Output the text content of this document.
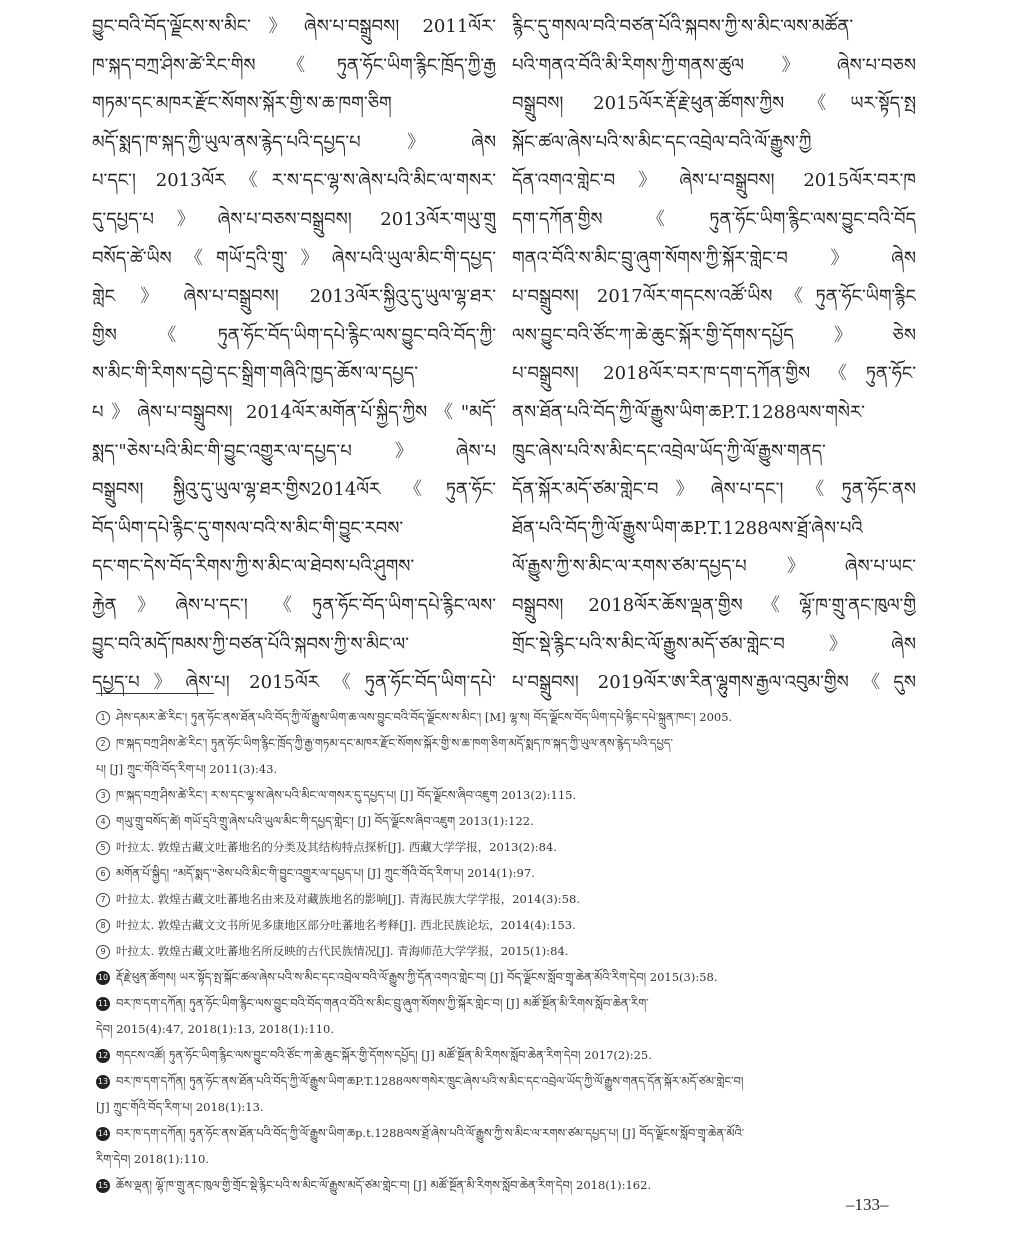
བྱུང་བའི་བོད་ལྗོངས་ས་མིང་》ཞེས་པ་བསྒྲུབས། 2011ལོར་
ཁ་སྐད་བཀྲ་ཤིས་ཚེ་རིང་གིས《ཏུན་ཧོང་ཡིག་རྙིང་ཁྲོད་ཀྱི་རྒྱ
གཏམ་དང་མཁར་རྫོང་སོགས་སྐོར་གྱི་ས་ཆ་ཁག་ཅིག
མདོ་སྨད་ཁ་སྐད་ཀྱི་ཡུལ་ནས་རྙེད་པའི་དཔྱད་པ》ཞེས
པ་དང་། 2013ལོར《ར་ས་དང་ལྷ་ས་ཞེས་པའི་མིང་ལ་གསར་
དུ་དཔྱད་པ》ཞེས་པ་བཅས་བསྒྲུབས། 2013ལོར་གཡུ་གྲུ
བསོད་ཚེ་ཡིས《གཡོ་དྲའི་གྲུ་》ཞེས་པའི་ཡུལ་མིང་གི་དཔྱད་
གླེང》ཞེས་པ་བསྒྲུབས། 2013ལོར་སྐྱིའུ་དུ་ཡུལ་ལྷ་ཐར་
གྱིས《ཏུན་ཧོང་བོད་ཡིག་དཔེ་རྙིང་ལས་བྱུང་བའི་བོད་ཀྱི་
ས་མིང་གི་རིགས་དབྱེ་དང་སྒྲིག་གཞིའི་ཁྱད་ཆོས་ལ་དཔྱད་
པ》ཞེས་པ་བསྒྲུབས། 2014ལོར་མགོན་པོ་སྐྱིད་ཀྱིས《"མདོ་
སྨད་"ཅེས་པའི་མིང་གི་བྱུང་འགྱུར་ལ་དཔྱད་པ》ཞེས་པ
བསྒྲུབས། སྐྱིའུ་དུ་ཡུལ་ལྷ་ཐར་གྱིས2014ལོར《ཏུན་ཧོང་
བོད་ཡིག་དཔེ་རྙིང་དུ་གསལ་བའི་ས་མིང་གི་བྱུང་རབས་
དང་གང་དེས་བོད་རིགས་ཀྱི་ས་མིང་ལ་ཐེབས་པའི་ཤུགས་
རྐྱེན》ཞེས་པ་དང་། 《ཏུན་ཧོང་བོད་ཡིག་དཔེ་རྙིང་ལས་
བྱུང་བའི་མདོ་ཁམས་ཀྱི་བཙན་པོའི་སྐབས་ཀྱི་ས་མིང་ལ་
དཔྱད་པ》ཞེས་པ། 2015ལོར《ཏུན་ཧོང་བོད་ཡིག་དཔེ་
རྙིང་དུ་གསལ་བའི་བཙན་པོའི་སྐབས་ཀྱི་ས་མིང་ལས་མཚོན་
པའི་གནའ་བོའི་མི་རིགས་ཀྱི་གནས་ཚུལ》ཞེས་པ་བཅས
བསྒྲུབས། 2015ལོར་རྡོ་རྗེ་ཕུན་ཚོགས་ཀྱིས《ཡར་སྟོད་སྤ
སྐོང་ཚལ་ཞེས་པའི་ས་མིང་དང་འབྲེལ་བའི་ལོ་རྒྱུས་ཀྱི
དོན་འགའ་གླེང་བ》ཞེས་པ་བསྒྲུབས། 2015ལོར་བར་ཁ
དག་དཀོན་གྱིས《ཏུན་ཧོང་ཡིག་རྙིང་ལས་བྱུང་བའི་བོད
གནའ་བོའི་ས་མིང་བྲུ་ཞུག་སོགས་ཀྱི་སྐོར་གླེང་བ》ཞེས
པ་བསྒྲུབས། 2017ལོར་གདངས་འཚོ་ཡིས《ཏུན་ཧོང་ཡིག་རྙིང
ལས་བྱུང་བའི་ཙོང་ཀ་ཆེ་ཆུང་སྐོར་གྱི་དོགས་དཔྱོད》ཅེས
པ་བསྒྲུབས། 2018ལོར་བར་ཁ་དག་དཀོན་གྱིས《ཏུན་ཧོང་
ནས་ཐོན་པའི་བོད་ཀྱི་ལོ་རྒྱུས་ཡིག་ཆP.T.1288ལས་གསེར་
ཁྲུང་ཞེས་པའི་ས་མིང་དང་འབྲེལ་ཡོད་ཀྱི་ལོ་རྒྱུས་གནད་
དོན་སྐོར་མདོ་ཙམ་གླེང་བ》ཞེས་པ་དང་། 《ཏུན་ཧོང་ནས
ཐོན་པའི་བོད་ཀྱི་ལོ་རྒྱུས་ཡིག་ཆP.T.1288ལས་ཐྲོ་ཞེས་པའི
ལོ་རྒྱུས་ཀྱི་ས་མིང་ལ་རགས་ཙམ་དཔྱད་པ》ཞེས་པ་ཡང་
བསྒྲུབས། 2018ལོར་ཆོས་ལྡན་གྱིས《ལྷོ་ཁ་གྲུ་ནང་ཁུལ་གྱི
གྲོང་སྡེ་རྙིང་པའི་ས་མིང་ལོ་རྒྱུས་མདོ་ཙམ་གླེང་བ》ཞེས
པ་བསྒྲུབས། 2019ལོར་ཨ་རིན་ལྷུགས་རྒྱལ་འབུམ་གྱིས《དུས
1 ཤེས་དམར་ཚེ་རིང་། ཏུན་ཧོང་ནས་ཐོན་པའི་བོད་ཀྱི་ལོ་རྒྱུས་ཡིག་ཆ་ལས་བྱུང་བའི་བོད་ལྗོངས་ས་མིང་། [M] ལྷ་ས། བོད་ལྗོངས་བོད་ཡིག་དཔེ་རྙིང་དཔེ་སྐྲུན་ཁང་། 2005.
2 ཁ་སྐད་བཀྲ་ཤིས་ཚེ་རིང་། ཏུན་ཧོང་ཡིག་རྙིང་ཁྲོད་ཀྱི་རྒྱ་གཏམ་དང་མཁར་རྫོང་སོགས་སྐོར་གྱི་ས་ཆ་ཁག་ཅིག་མདོ་སྨད་ཁ་སྐད་ཀྱི་ཡུལ་ནས་རྙེད་པའི་དཔྱད་
པ། [J] ཀྲུང་གོའི་བོད་རིག་པ། 2011(3):43.
3 ཁ་སྐད་བཀྲ་ཤིས་ཚེ་རིང་། ར་ས་དང་ལྷ་ས་ཞེས་པའི་མིང་ལ་གསར་དུ་དཔྱད་པ། [J] བོད་ལྗོངས་ཞིབ་འཇུག 2013(2):115.
4 གཡུ་གྲུ་བསོད་ཚེ། གཡོ་དྲའི་གྲུ་ཞེས་པའི་ཡུལ་མིང་གི་དཔྱད་གླེང་། [J] བོད་ལྗོངས་ཞིབ་འཇུག 2013(1):122.
5 叶拉太. 敦煌古藏文吐蕃地名的分类及其结构特点探析[J]. 西藏大学学报，2013(2):84.
6 མགོན་པོ་སྐྱིད། "མདོ་སྨད་"ཅེས་པའི་མིང་གི་བྱུང་འགྱུར་ལ་དཔྱད་པ། [J] ཀྲུང་གོའི་བོད་རིག་པ། 2014(1):97.
7 叶拉太. 敦煌古藏文吐蕃地名由来及对藏族地名的影响[J]. 青海民族大学学报，2014(3):58.
8 叶拉太. 敦煌古藏文文书所见多康地区部分吐蕃地名考释[J]. 西北民族论坛，2014(4):153.
9 叶拉太. 敦煌古藏文吐蕃地名所反映的古代民族情况[J]. 青海师范大学学报，2015(1):84.
10 རྡོ་རྗེ་ཕུན་ཚོགས། ཡར་སྟོད་སྤ་སྐོང་ཚལ་ཞེས་པའི་ས་མིང་དང་འབྲེལ་བའི་ལོ་རྒྱུས་ཀྱི་དོན་འགའ་གླེང་བ། [J] བོད་ལྗོངས་སློབ་གྲྭ་ཆེན་མོའི་རིག་དེབ། 2015(3):58.
11 བར་ཁ་དག་དཀོན། ཏུན་ཧོང་ཡིག་རྙིང་ལས་བྱུང་བའི་བོད་གནའ་བོའི་ས་མིང་བྲུ་ཞུག་སོགས་ཀྱི་སྐོར་གླེང་བ། [J] མཚོ་སྔོན་མི་རིགས་སློབ་ཆེན་རིག་
དེབ། 2015(4):47, 2018(1):13, 2018(1):110.
12 གདངས་འཚོ། ཏུན་ཧོང་ཡིག་རྙིང་ལས་བྱུང་བའི་ཙོང་ཀ་ཆེ་ཆུང་སྐོར་གྱི་དོགས་དཔྱོད། [J] མཚོ་སྔོན་མི་རིགས་སློབ་ཆེན་རིག་དེབ། 2017(2):25.
13 བར་ཁ་དག་དཀོན། ཏུན་ཧོང་ནས་ཐོན་པའི་བོད་ཀྱི་ལོ་རྒྱུས་ཡིག་ཆP.T.1288ལས་གསེར་ཁྲུང་ཞེས་པའི་ས་མིང་དང་འབྲེལ་ཡོད་ཀྱི་ལོ་རྒྱུས་གནད་དོན་སྐོར་མདོ་ཙམ་གླེང་བ།
[J] ཀྲུང་གོའི་བོད་རིག་པ། 2018(1):13.
14 བར་ཁ་དག་དཀོན། ཏུན་ཧོང་ནས་ཐོན་པའི་བོད་ཀྱི་ལོ་རྒྱུས་ཡིག་ཆp.t.1288ལས་ཐྲོ་ཞེས་པའི་ལོ་རྒྱུས་ཀྱི་ས་མིང་ལ་རགས་ཙམ་དཔྱད་པ། [J] བོད་ལྗོངས་སློབ་གྲྭ་ཆེན་མོའི་
རིག་དེབ། 2018(1):110.
15 ཆོས་ལྡན། ལྷོ་ཁ་གྲུ་ནང་ཁུལ་གྱི་གྲོང་སྡེ་རྙིང་པའི་ས་མིང་ལོ་རྒྱུས་མདོ་ཙམ་གླེང་བ། [J] མཚོ་སྔོན་མི་རིགས་སློབ་ཆེན་རིག་དེབ། 2018(1):162.
–133–
